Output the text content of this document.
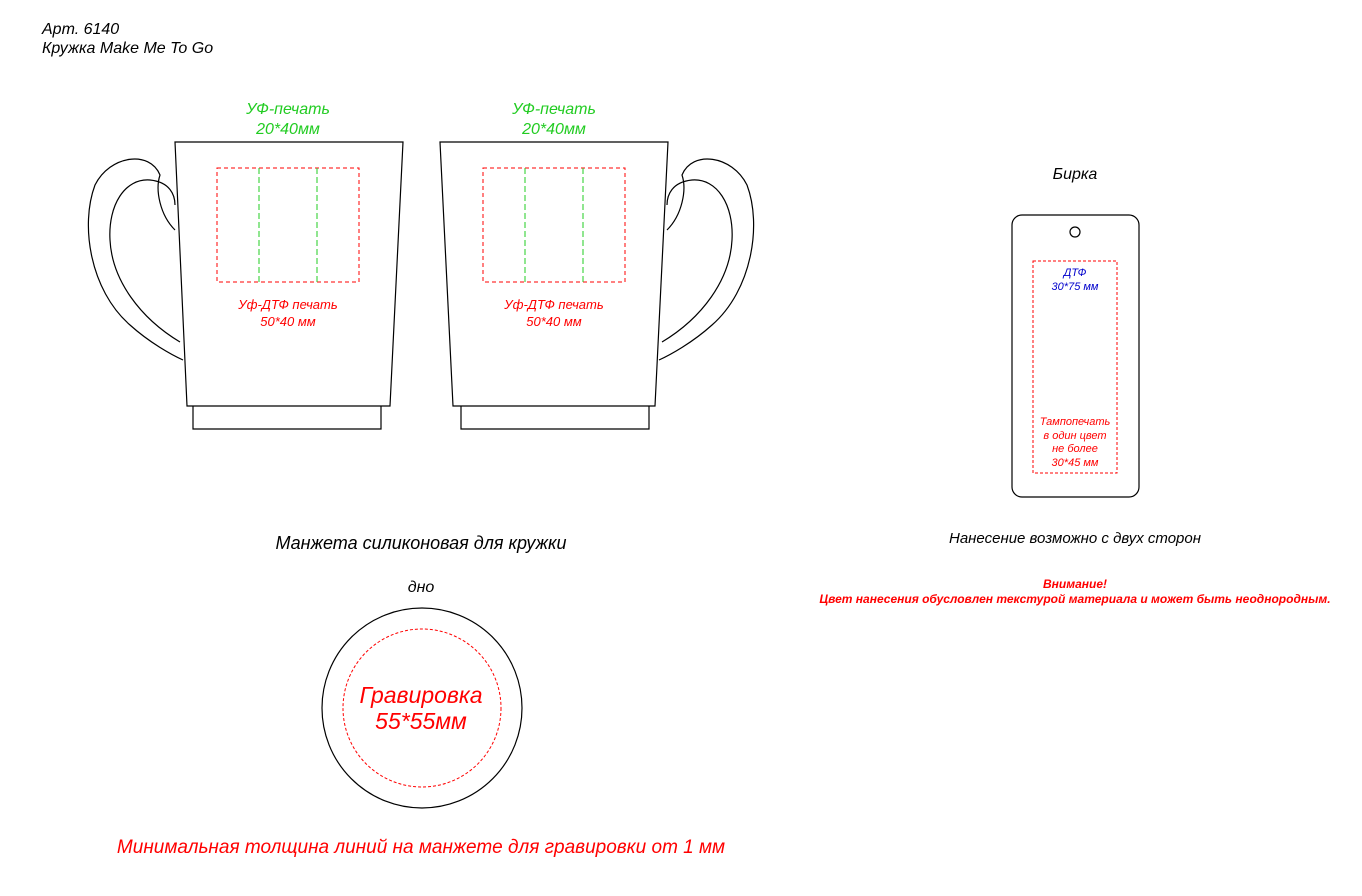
Арт. 6140
Кружка Make Me To Go
УФ-печать
20*40мм
Уф-ДТФ печать
50*40 мм
УФ-печать
20*40мм
Уф-ДТФ печать
50*40 мм
Бирка
ДТФ
30*75 мм
Тампопечать
в один цвет
не более
30*45 мм
Нанесение возможно с двух сторон
Внимание!
Цвет нанесения обусловлен текстурой материала и может быть неоднородным.
Манжета силиконовая для кружки
дно
Гравировка
55*55мм
Минимальная толщина линий на манжете для гравировки от 1 мм
